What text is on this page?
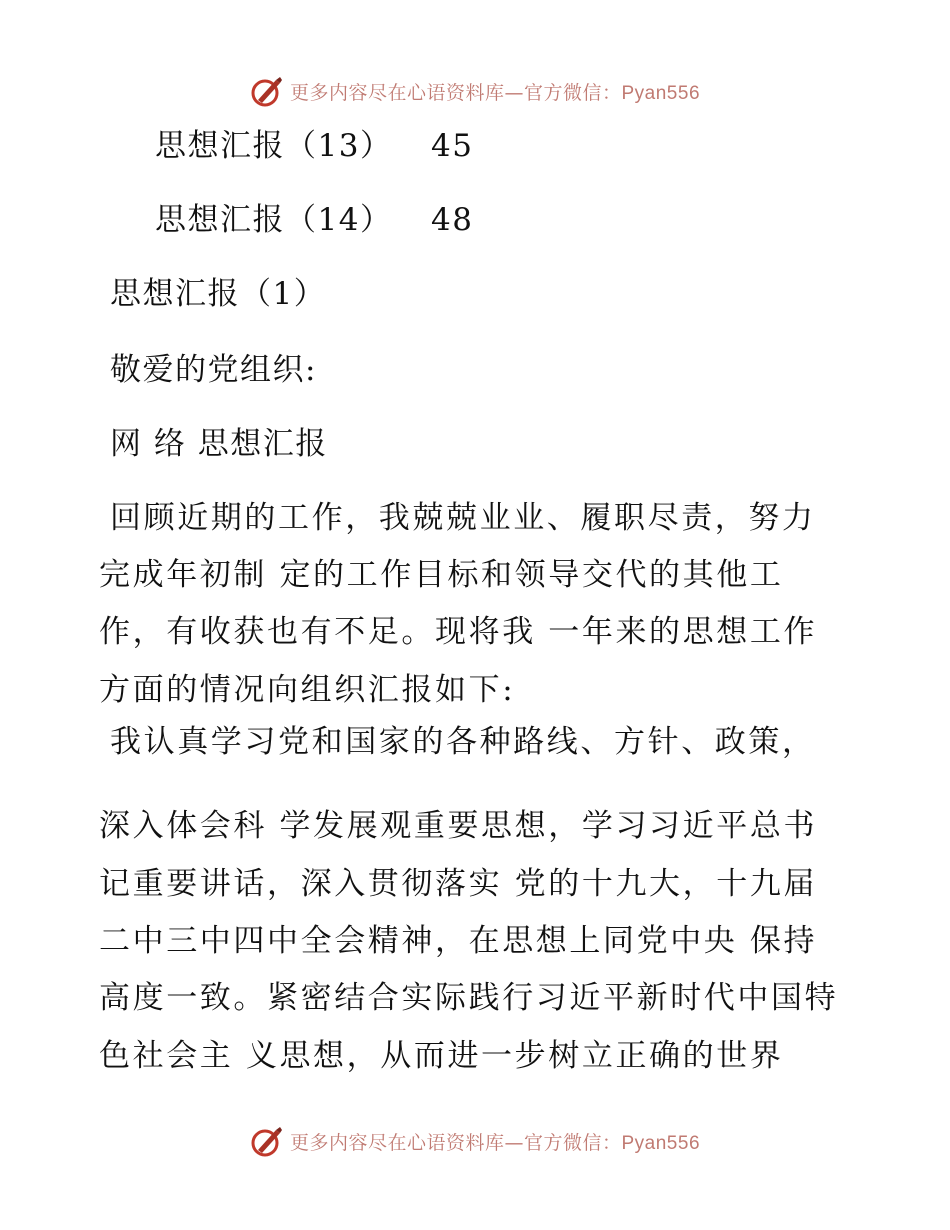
更多内容尽在心语资料库—官方微信：Pyan556
思想汇报（13） 45
思想汇报（14） 48
思想汇报（1）
敬爱的党组织:
网 络 思想汇报
回顾近期的工作，我兢兢业业、履职尽责，努力
完成年初制 定的工作目标和领导交代的其他工
作，有收获也有不足。现将我 一年来的思想工作
方面的情况向组织汇报如下:
我认真学习党和国家的各种路线、方针、政策，
深入体会科 学发展观重要思想，学习习近平总书
记重要讲话，深入贯彻落实 党的十九大，十九届
二中三中四中全会精神，在思想上同党中央 保持
高度一致。紧密结合实际践行习近平新时代中国特
色社会主 义思想，从而进一步树立正确的世界
更多内容尽在心语资料库—官方微信：Pyan556
